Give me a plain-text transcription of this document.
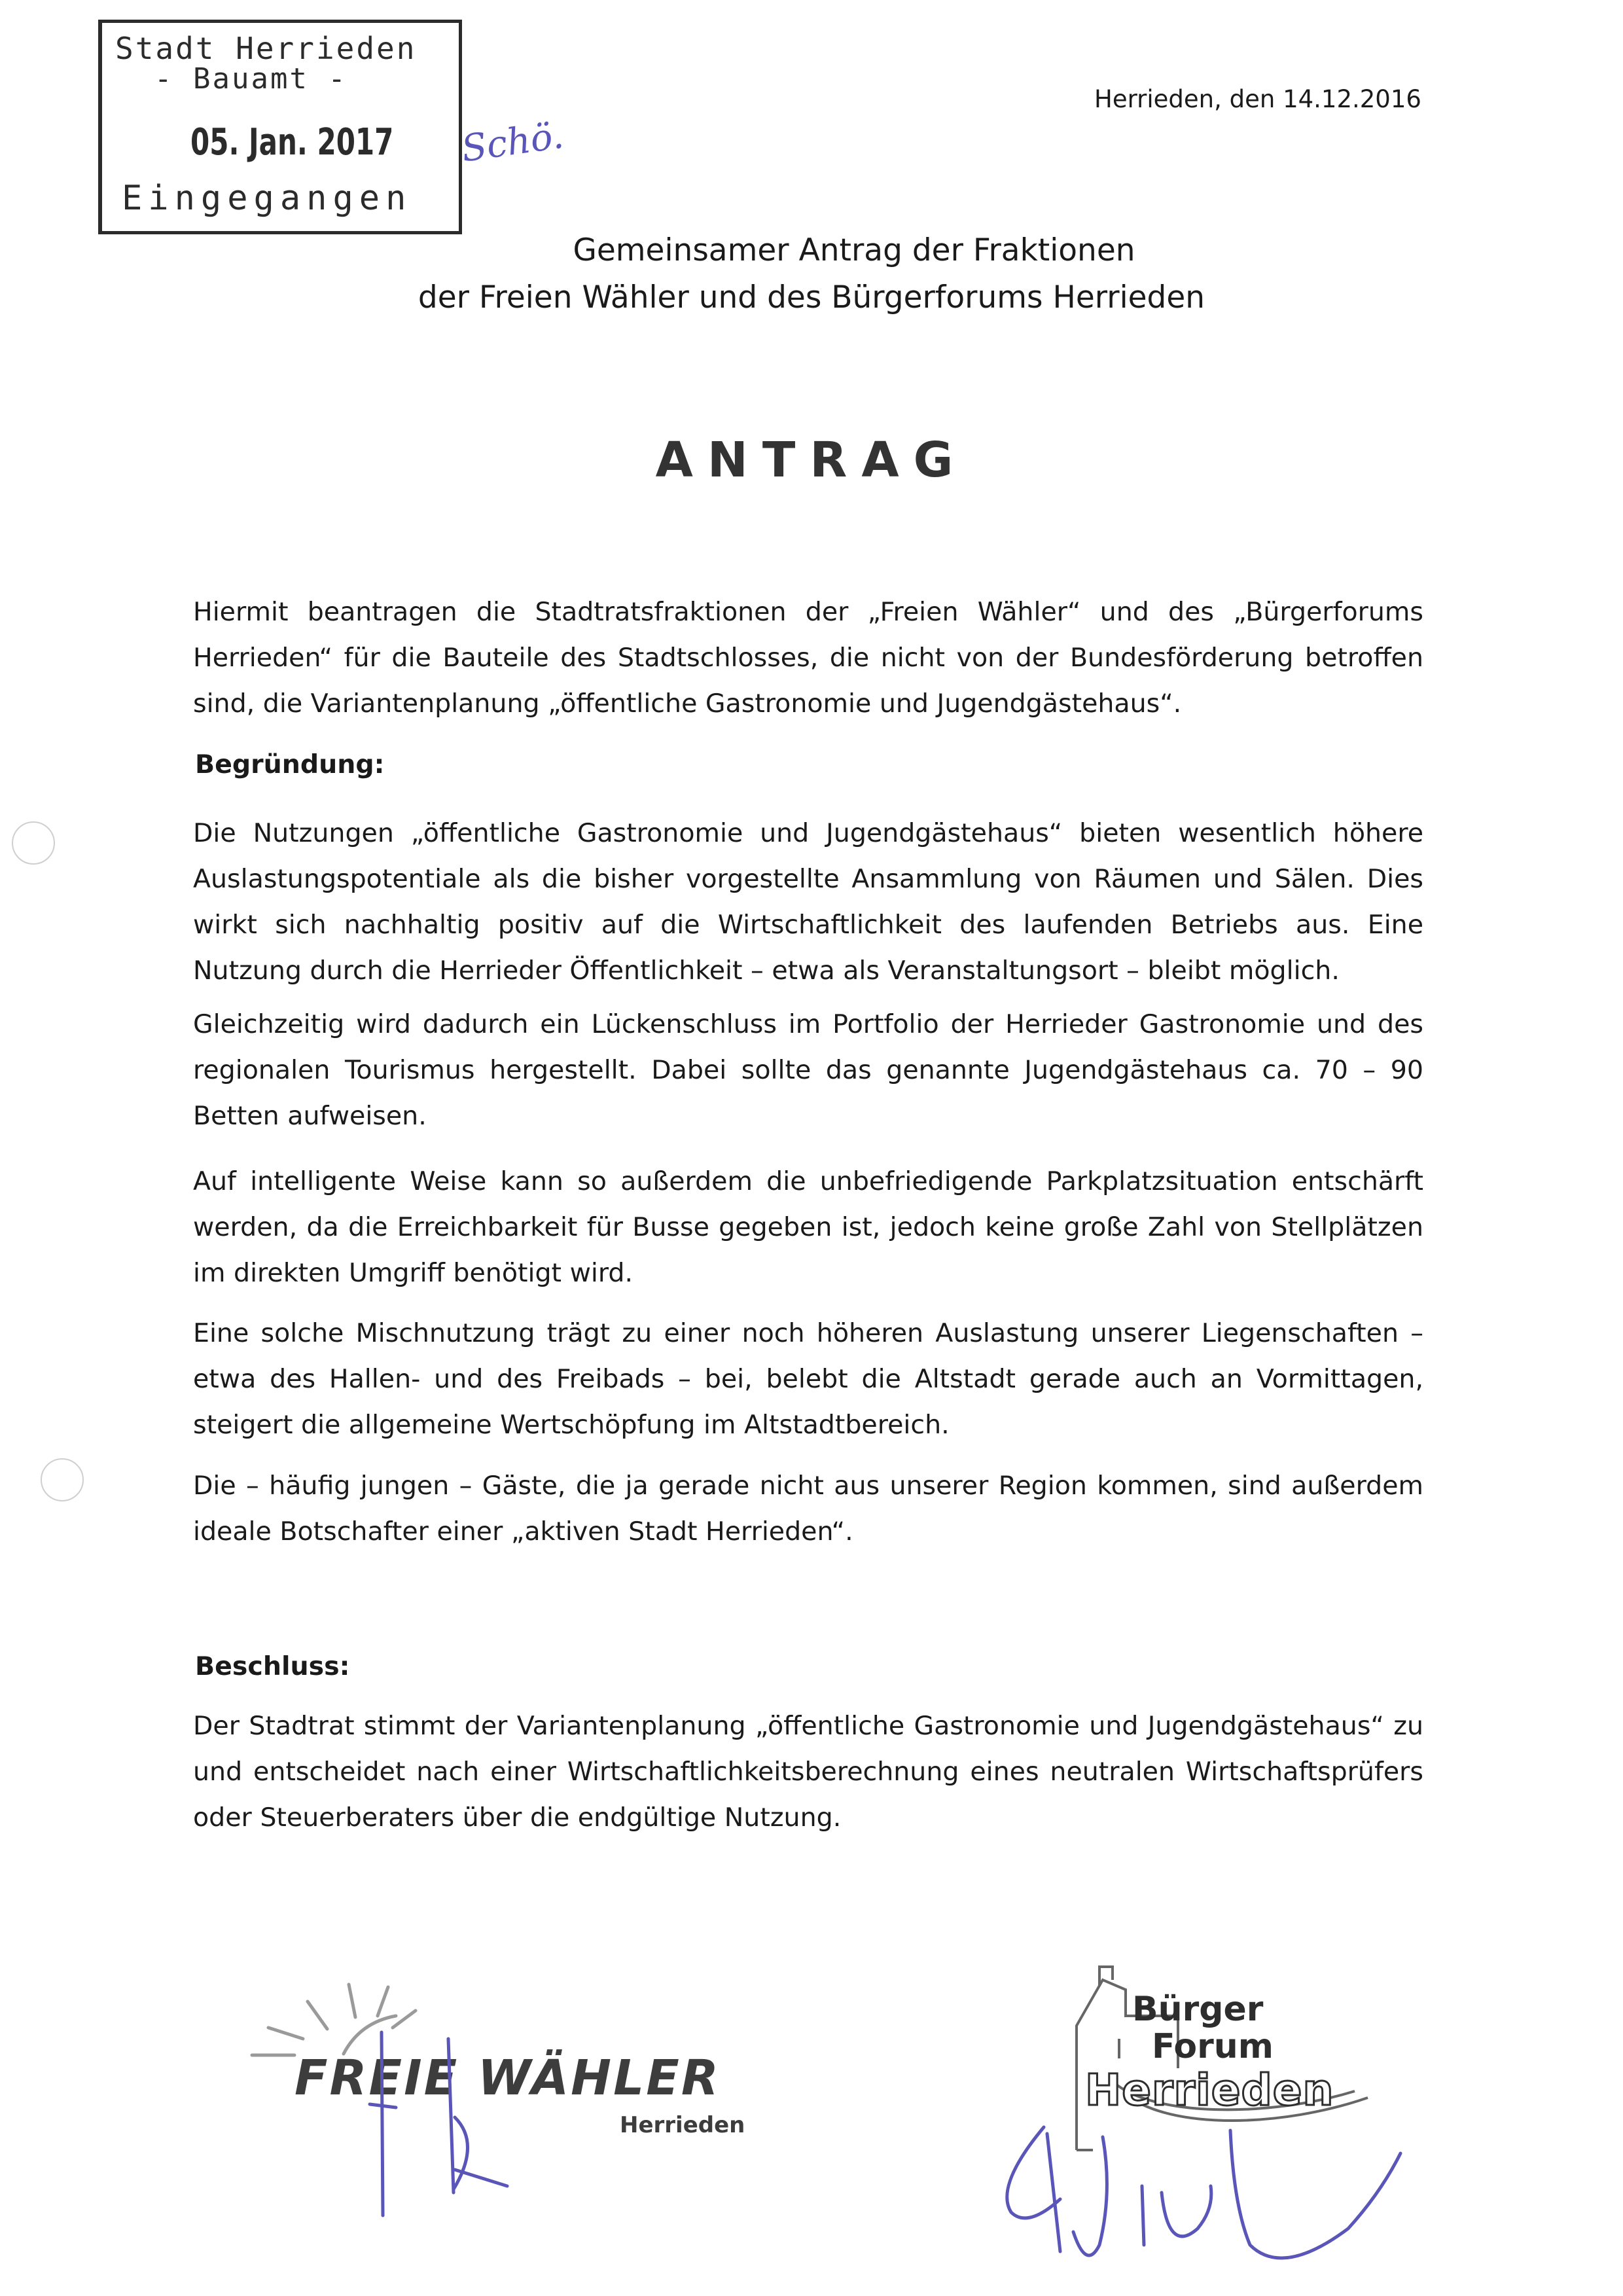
Stadt Herrieden
- Bauamt -
05. Jan. 2017
Eingegangen
Schö.
Herrieden, den 14.12.2016
Gemeinsamer Antrag der Fraktionen
der Freien Wähler und des Bürgerforums Herrieden
ANTRAG

Hiermit beantragen die Stadtratsfraktionen der „Freien Wähler“ und des „Bürgerforums Herrieden“ für die Bauteile des Stadtschlosses, die nicht von der Bundesförderung betroffen sind, die Variantenplanung „öffentliche Gastronomie und Jugendgästehaus“.

Begründung:

Die Nutzungen „öffentliche Gastronomie und Jugendgästehaus“ bieten wesentlich höhere Auslastungspotentiale als die bisher vorgestellte Ansammlung von Räumen und Sälen. Dies wirkt sich nachhaltig positiv auf die Wirtschaftlichkeit des laufenden Betriebs aus. Eine Nutzung durch die Herrieder Öffentlichkeit – etwa als Veranstaltungsort – bleibt möglich.

Gleichzeitig wird dadurch ein Lückenschluss im Portfolio der Herrieder Gastronomie und des regionalen Tourismus hergestellt. Dabei sollte das genannte Jugendgästehaus ca. 70 – 90 Betten aufweisen.

Auf intelligente Weise kann so außerdem die unbefriedigende Parkplatzsituation entschärft werden, da die Erreichbarkeit für Busse gegeben ist, jedoch keine große Zahl von Stellplätzen im direkten Umgriff benötigt wird.

Eine solche Mischnutzung trägt zu einer noch höheren Auslastung unserer Liegenschaften – etwa des Hallen- und des Freibads – bei, belebt die Altstadt gerade auch an Vormittagen, steigert die allgemeine Wertschöpfung im Altstadtbereich.

Die – häufig jungen – Gäste, die ja gerade nicht aus unserer Region kommen, sind außerdem ideale Botschafter einer „aktiven Stadt Herrieden“.

Beschluss:

Der Stadtrat stimmt der Variantenplanung „öffentliche Gastronomie und Jugendgästehaus“ zu und entscheidet nach einer Wirtschaftlichkeitsberechnung eines neutralen Wirtschaftsprüfers oder Steuerberaters über die endgültige Nutzung.

FREIE WÄHLER
Herrieden
Bürger
Forum
Herrieden
